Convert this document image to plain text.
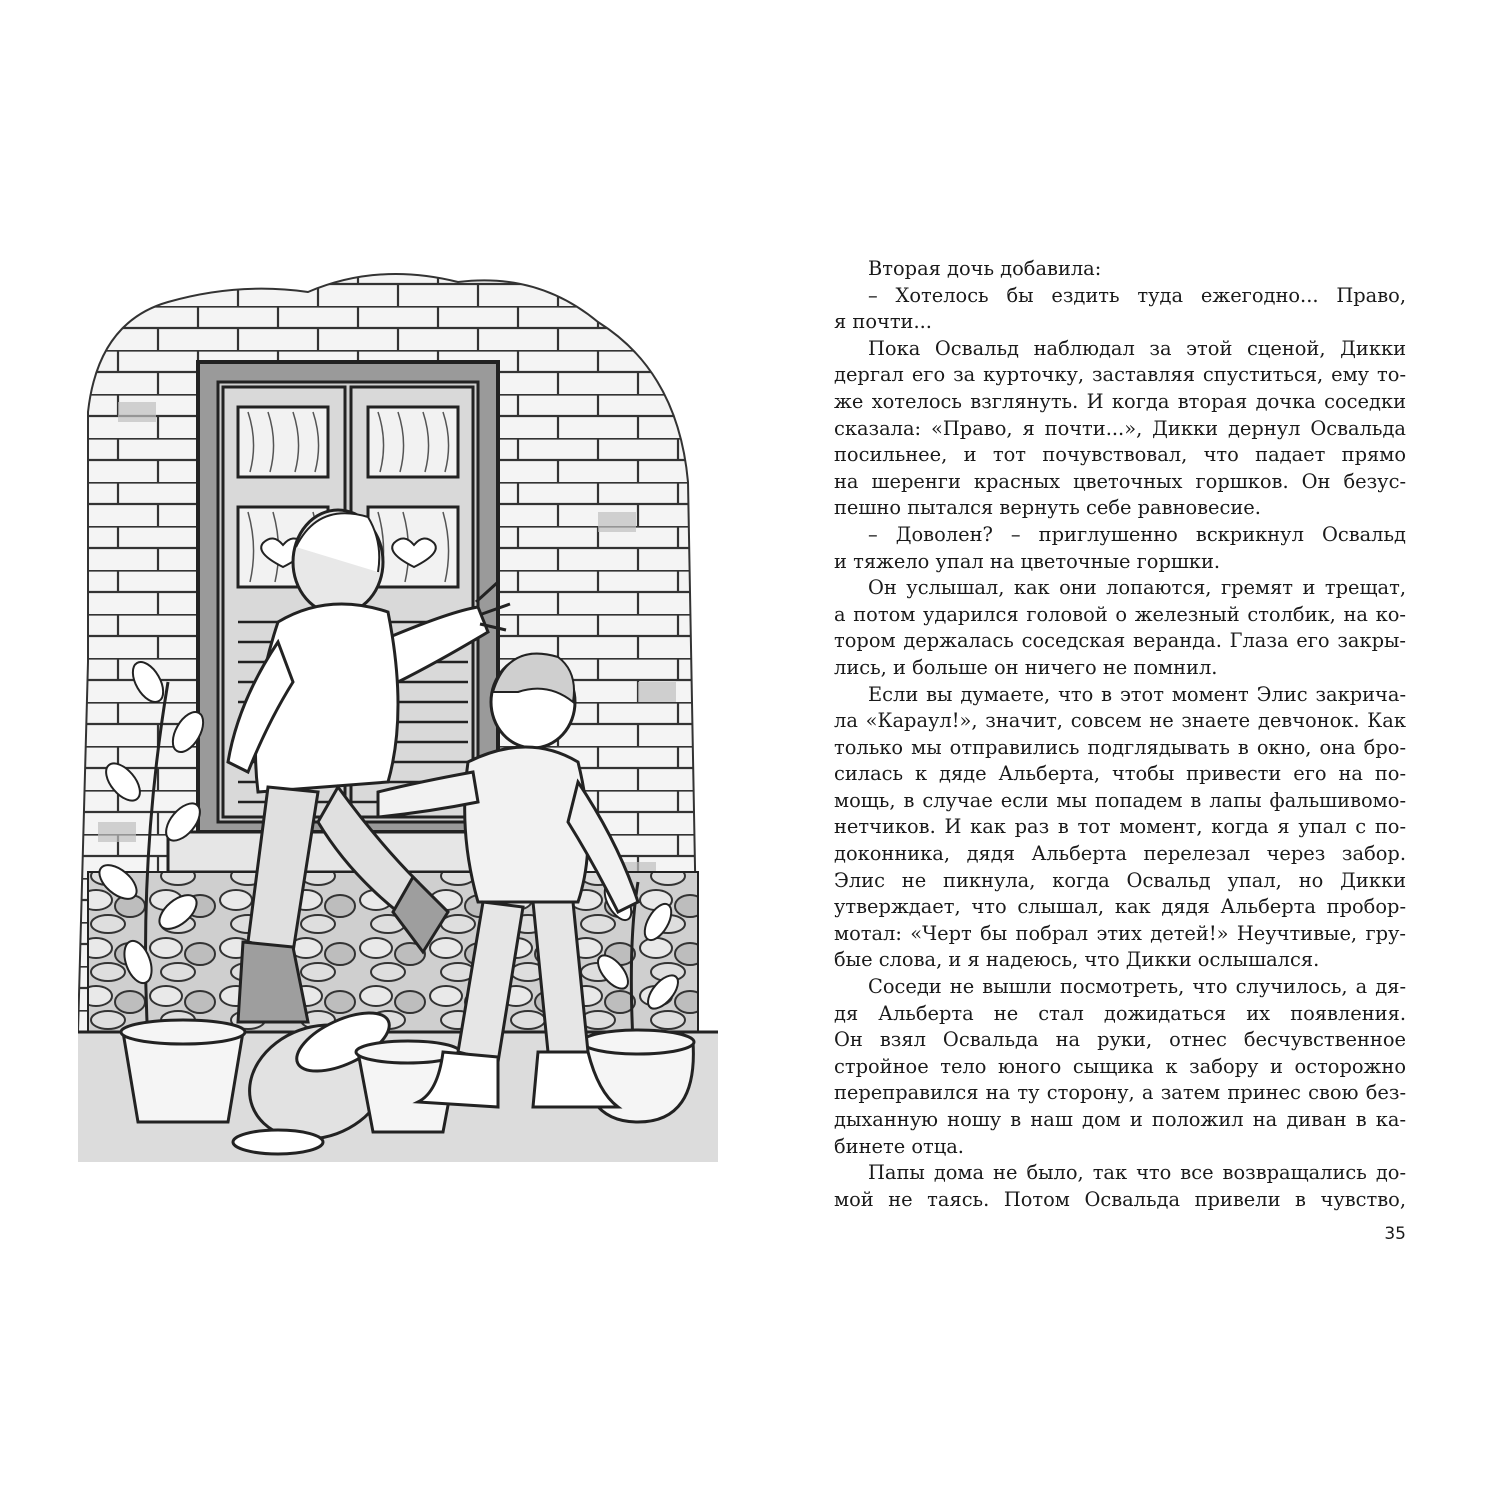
Вторая дочь добавила:
– Хотелось бы ездить туда ежегодно... Право,
я почти...
Пока Освальд наблюдал за этой сценой, Дикки
дергал его за курточку, заставляя спуститься, ему то-
же хотелось взглянуть. И когда вторая дочка соседки
сказала: «Право, я почти...», Дикки дернул Освальда
посильнее, и тот почувствовал, что падает прямо
на шеренги красных цветочных горшков. Он безус-
пешно пытался вернуть себе равновесие.
– Доволен? – приглушенно вскрикнул Освальд
и тяжело упал на цветочные горшки.
Он услышал, как они лопаются, гремят и трещат,
а потом ударился головой о железный столбик, на ко-
тором держалась соседская веранда. Глаза его закры-
лись, и больше он ничего не помнил.
Если вы думаете, что в этот момент Элис закрича-
ла «Караул!», значит, совсем не знаете девчонок. Как
только мы отправились подглядывать в окно, она бро-
силась к дяде Альберта, чтобы привести его на по-
мощь, в случае если мы попадем в лапы фальшивомо-
нетчиков. И как раз в тот момент, когда я упал с по-
доконника, дядя Альберта перелезал через забор.
Элис не пикнула, когда Освальд упал, но Дикки
утверждает, что слышал, как дядя Альберта пробор-
мотал: «Черт бы побрал этих детей!» Неучтивые, гру-
бые слова, и я надеюсь, что Дикки ослышался.
Соседи не вышли посмотреть, что случилось, а дя-
дя Альберта не стал дожидаться их появления.
Он взял Освальда на руки, отнес бесчувственное
стройное тело юного сыщика к забору и осторожно
переправился на ту сторону, а затем принес свою без-
дыханную ношу в наш дом и положил на диван в ка-
бинете отца.
Папы дома не было, так что все возвращались до-
мой не таясь. Потом Освальда привели в чувство,
35
